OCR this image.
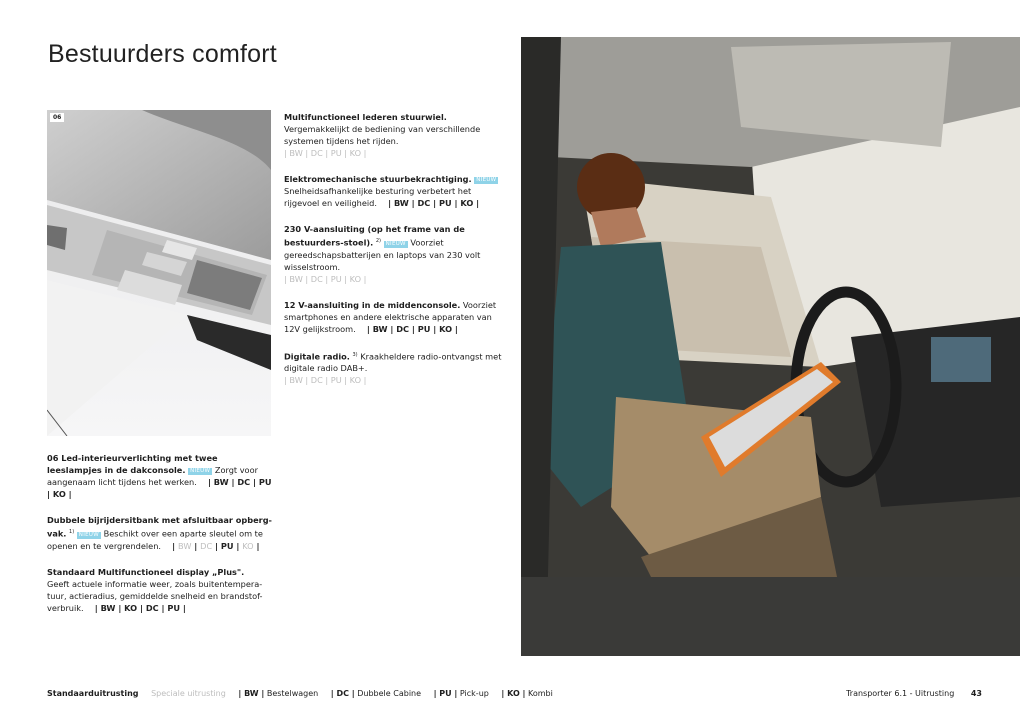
Bestuurders comfort
06	Multifunctioneel lederen stuurwiel.
Vergemakkelijkt de bediening van verschillende systemen tijdens het rijden.
| BW | DC | PU | KO |
Elektromechanische stuurbekrachtiging. NIEUW
Snelheidsafhankelijke besturing verbetert het rijgevoel en veiligheid.    | BW | DC | PU | KO |
230 V-aansluiting (op het frame van de bestuurders-stoel). $^{2)}$ NIEUW Voorziet gereedschapsbatterijen en laptops van 230 volt wisselstroom.
| BW | DC | PU | KO |
12 V-aansluiting in de middenconsole. Voorziet smartphones en andere elektrische apparaten van 12V gelijkstroom.    | BW | DC | PU | KO |
Digitale radio. $^{3)}$ Kraakheldere radio-ontvangst met digitale radio DAB+.
| BW | DC | PU | KO |
06 Led-interieurverlichting met twee leeslampjes in de dakconsole. NIEUW Zorgt voor aangenaam licht tijdens het werken.    | BW | DC | PU | KO |
Dubbele bijrijdersitbank met afsluitbaar opberg-vak. $^{1)}$ NIEUW Beschikt over een aparte sleutel om te openen en te vergrendelen.    | BW | DC | PU | KO |
Standaard Multifunctioneel display „Plus".
Geeft actuele informatie weer, zoals buitentempera-tuur, actieradius, gemiddelde snelheid en brandstof-verbruik.    | BW | KO | DC | PU |
Standaarduitrusting Speciale uitrusting | BW | Bestelwagen | DC | Dubbele Cabine | PU | Pick-up | KO | Kombi	Transporter 6.1 - Uitrusting 43
